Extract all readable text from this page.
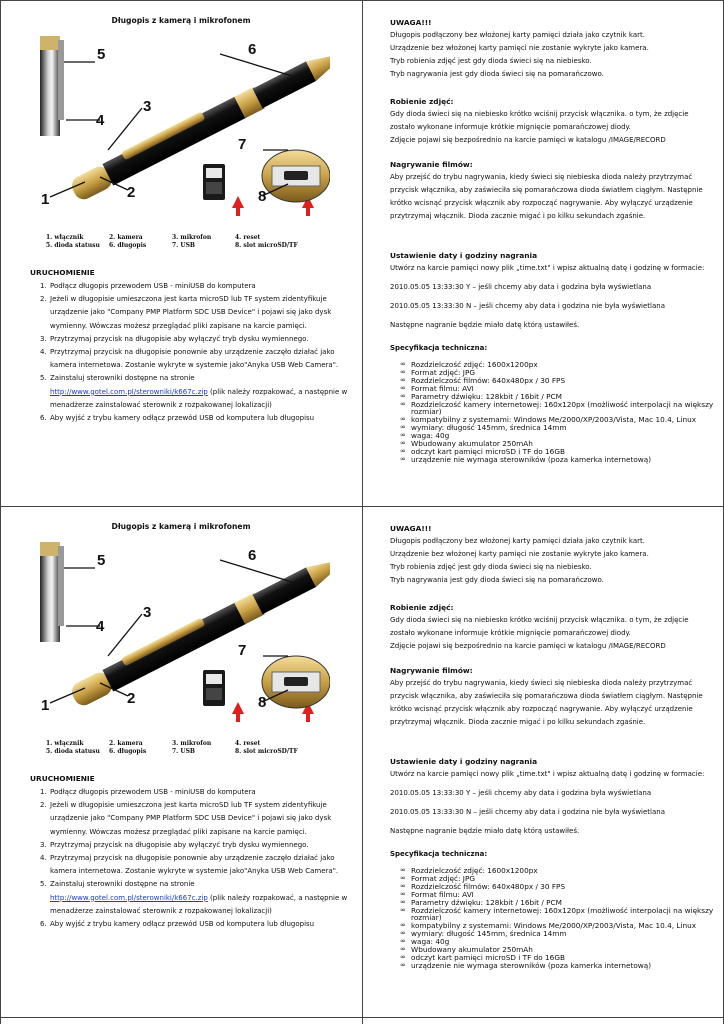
Długopis z kamerą i mikrofonem
5	6
3
4
7
2
1	8
1. włącznik	2. kamera	3. mikrofon	4. reset
5. dioda statusu	6. długopis	7. USB	8. slot microSD/TF
URUCHOMIENIE
1. Podłącz długopis przewodem USB - miniUSB do komputera
2. Jeżeli w długopisie umieszczona jest karta microSD lub TF system zidentyfikuje urządzenie jako "Company PMP Platform SDC USB Device" i pojawi się jako dysk wymienny. Wówczas możesz przeglądać pliki zapisane na karcie pamięci.
3. Przytrzymaj przycisk na długopisie aby wyłączyć tryb dysku wymiennego.
4. Przytrzymaj przycisk na długopisie ponownie aby urządzenie zaczęło działać jako kamera internetowa. Zostanie wykryte w systemie jako"Anyka USB Web Camera".
5. Zainstaluj sterowniki dostępne na stronie
http://www.gotel.com.pl/sterowniki/k667c.zip (plik należy rozpakować, a następnie w menadżerze zainstalować sterownik z rozpakowanej lokalizacji)
6. Aby wyjść z trybu kamery odłącz przewód USB od komputera lub długopisu
UWAGA!!!

Długopis podłączony bez włożonej karty pamięci działa jako czytnik kart.

Urządzenie bez włożonej karty pamięci nie zostanie wykryte jako kamera.

Tryb robienia zdjęć jest gdy dioda świeci się na niebiesko.

Tryb nagrywania jest gdy dioda świeci się na pomarańczowo.

Robienie zdjęć:

Gdy dioda świeci się na niebiesko krótko wciśnij przycisk włącznika. o tym, że zdjęcie zostało wykonane informuje krótkie mignięcie pomarańczowej diody.

Zdjęcie pojawi się bezpośrednio na karcie pamięci w katalogu /IMAGE/RECORD

Nagrywanie filmów:

Aby przejść do trybu nagrywania, kiedy świeci się niebieska dioda należy przytrzymać przycisk włącznika, aby zaświeciła się pomarańczowa dioda światłem ciągłym. Następnie krótko wcisnąć przycisk włącznik aby rozpocząć nagrywanie. Aby wyłączyć urządzenie przytrzymaj włącznik. Dioda zacznie migać i po kilku sekundach zgaśnie.

Ustawienie daty i godziny nagrania

Utwórz na karcie pamięci nowy plik „time.txt" i wpisz aktualną datę i godzinę w formacie:

2010.05.05 13:33:30 Y – jeśli chcemy aby data i godzina była wyświetlana

2010.05.05 13:33:30 N – jeśli chcemy aby data i godzina nie była wyświetlana

Następne nagranie będzie miało datę którą ustawiłeś.

Specyfikacja techniczna:
∞ Rozdzielczość zdjęć: 1600x1200px
∞ Format zdjęć: JPG
∞ Rozdzielczość filmów: 640x480px / 30 FPS
∞ Format filmu: AVI
∞ Parametry dźwięku: 128kbit / 16bit / PCM
∞ Rozdzielczość kamery internetowej: 160x120px (możliwość interpolacji na większy rozmiar)
∞ kompatybilny z systemami: Windows Me/2000/XP/2003/Vista, Mac 10.4, Linux
∞ wymiary: długość 145mm, średnica 14mm
∞ waga: 40g
∞ Wbudowany akumulator 250mAh
∞ odczyt kart pamięci microSD i TF do 16GB
∞ urządzenie nie wymaga sterowników (poza kamerka internetową)
Długopis z kamerą i mikrofonem
5	6
3
4
7
2
1	8
1. włącznik	2. kamera	3. mikrofon	4. reset
5. dioda statusu	6. długopis	7. USB	8. slot microSD/TF
URUCHOMIENIE
1. Podłącz długopis przewodem USB - miniUSB do komputera
2. Jeżeli w długopisie umieszczona jest karta microSD lub TF system zidentyfikuje urządzenie jako "Company PMP Platform SDC USB Device" i pojawi się jako dysk wymienny. Wówczas możesz przeglądać pliki zapisane na karcie pamięci.
3. Przytrzymaj przycisk na długopisie aby wyłączyć tryb dysku wymiennego.
4. Przytrzymaj przycisk na długopisie ponownie aby urządzenie zaczęło działać jako kamera internetowa. Zostanie wykryte w systemie jako"Anyka USB Web Camera".
5. Zainstaluj sterowniki dostępne na stronie
http://www.gotel.com.pl/sterowniki/k667c.zip (plik należy rozpakować, a następnie w menadżerze zainstalować sterownik z rozpakowanej lokalizacji)
6. Aby wyjść z trybu kamery odłącz przewód USB od komputera lub długopisu
UWAGA!!!

Długopis podłączony bez włożonej karty pamięci działa jako czytnik kart.

Urządzenie bez włożonej karty pamięci nie zostanie wykryte jako kamera.

Tryb robienia zdjęć jest gdy dioda świeci się na niebiesko.

Tryb nagrywania jest gdy dioda świeci się na pomarańczowo.

Robienie zdjęć:

Gdy dioda świeci się na niebiesko krótko wciśnij przycisk włącznika. o tym, że zdjęcie zostało wykonane informuje krótkie mignięcie pomarańczowej diody.

Zdjęcie pojawi się bezpośrednio na karcie pamięci w katalogu /IMAGE/RECORD

Nagrywanie filmów:

Aby przejść do trybu nagrywania, kiedy świeci się niebieska dioda należy przytrzymać przycisk włącznika, aby zaświeciła się pomarańczowa dioda światłem ciągłym. Następnie krótko wcisnąć przycisk włącznik aby rozpocząć nagrywanie. Aby wyłączyć urządzenie przytrzymaj włącznik. Dioda zacznie migać i po kilku sekundach zgaśnie.

Ustawienie daty i godziny nagrania

Utwórz na karcie pamięci nowy plik „time.txt" i wpisz aktualną datę i godzinę w formacie:

2010.05.05 13:33:30 Y – jeśli chcemy aby data i godzina była wyświetlana

2010.05.05 13:33:30 N – jeśli chcemy aby data i godzina nie była wyświetlana

Następne nagranie będzie miało datę którą ustawiłeś.

Specyfikacja techniczna:
∞ Rozdzielczość zdjęć: 1600x1200px
∞ Format zdjęć: JPG
∞ Rozdzielczość filmów: 640x480px / 30 FPS
∞ Format filmu: AVI
∞ Parametry dźwięku: 128kbit / 16bit / PCM
∞ Rozdzielczość kamery internetowej: 160x120px (możliwość interpolacji na większy rozmiar)
∞ kompatybilny z systemami: Windows Me/2000/XP/2003/Vista, Mac 10.4, Linux
∞ wymiary: długość 145mm, średnica 14mm
∞ waga: 40g
∞ Wbudowany akumulator 250mAh
∞ odczyt kart pamięci microSD i TF do 16GB
∞ urządzenie nie wymaga sterowników (poza kamerka internetową)
